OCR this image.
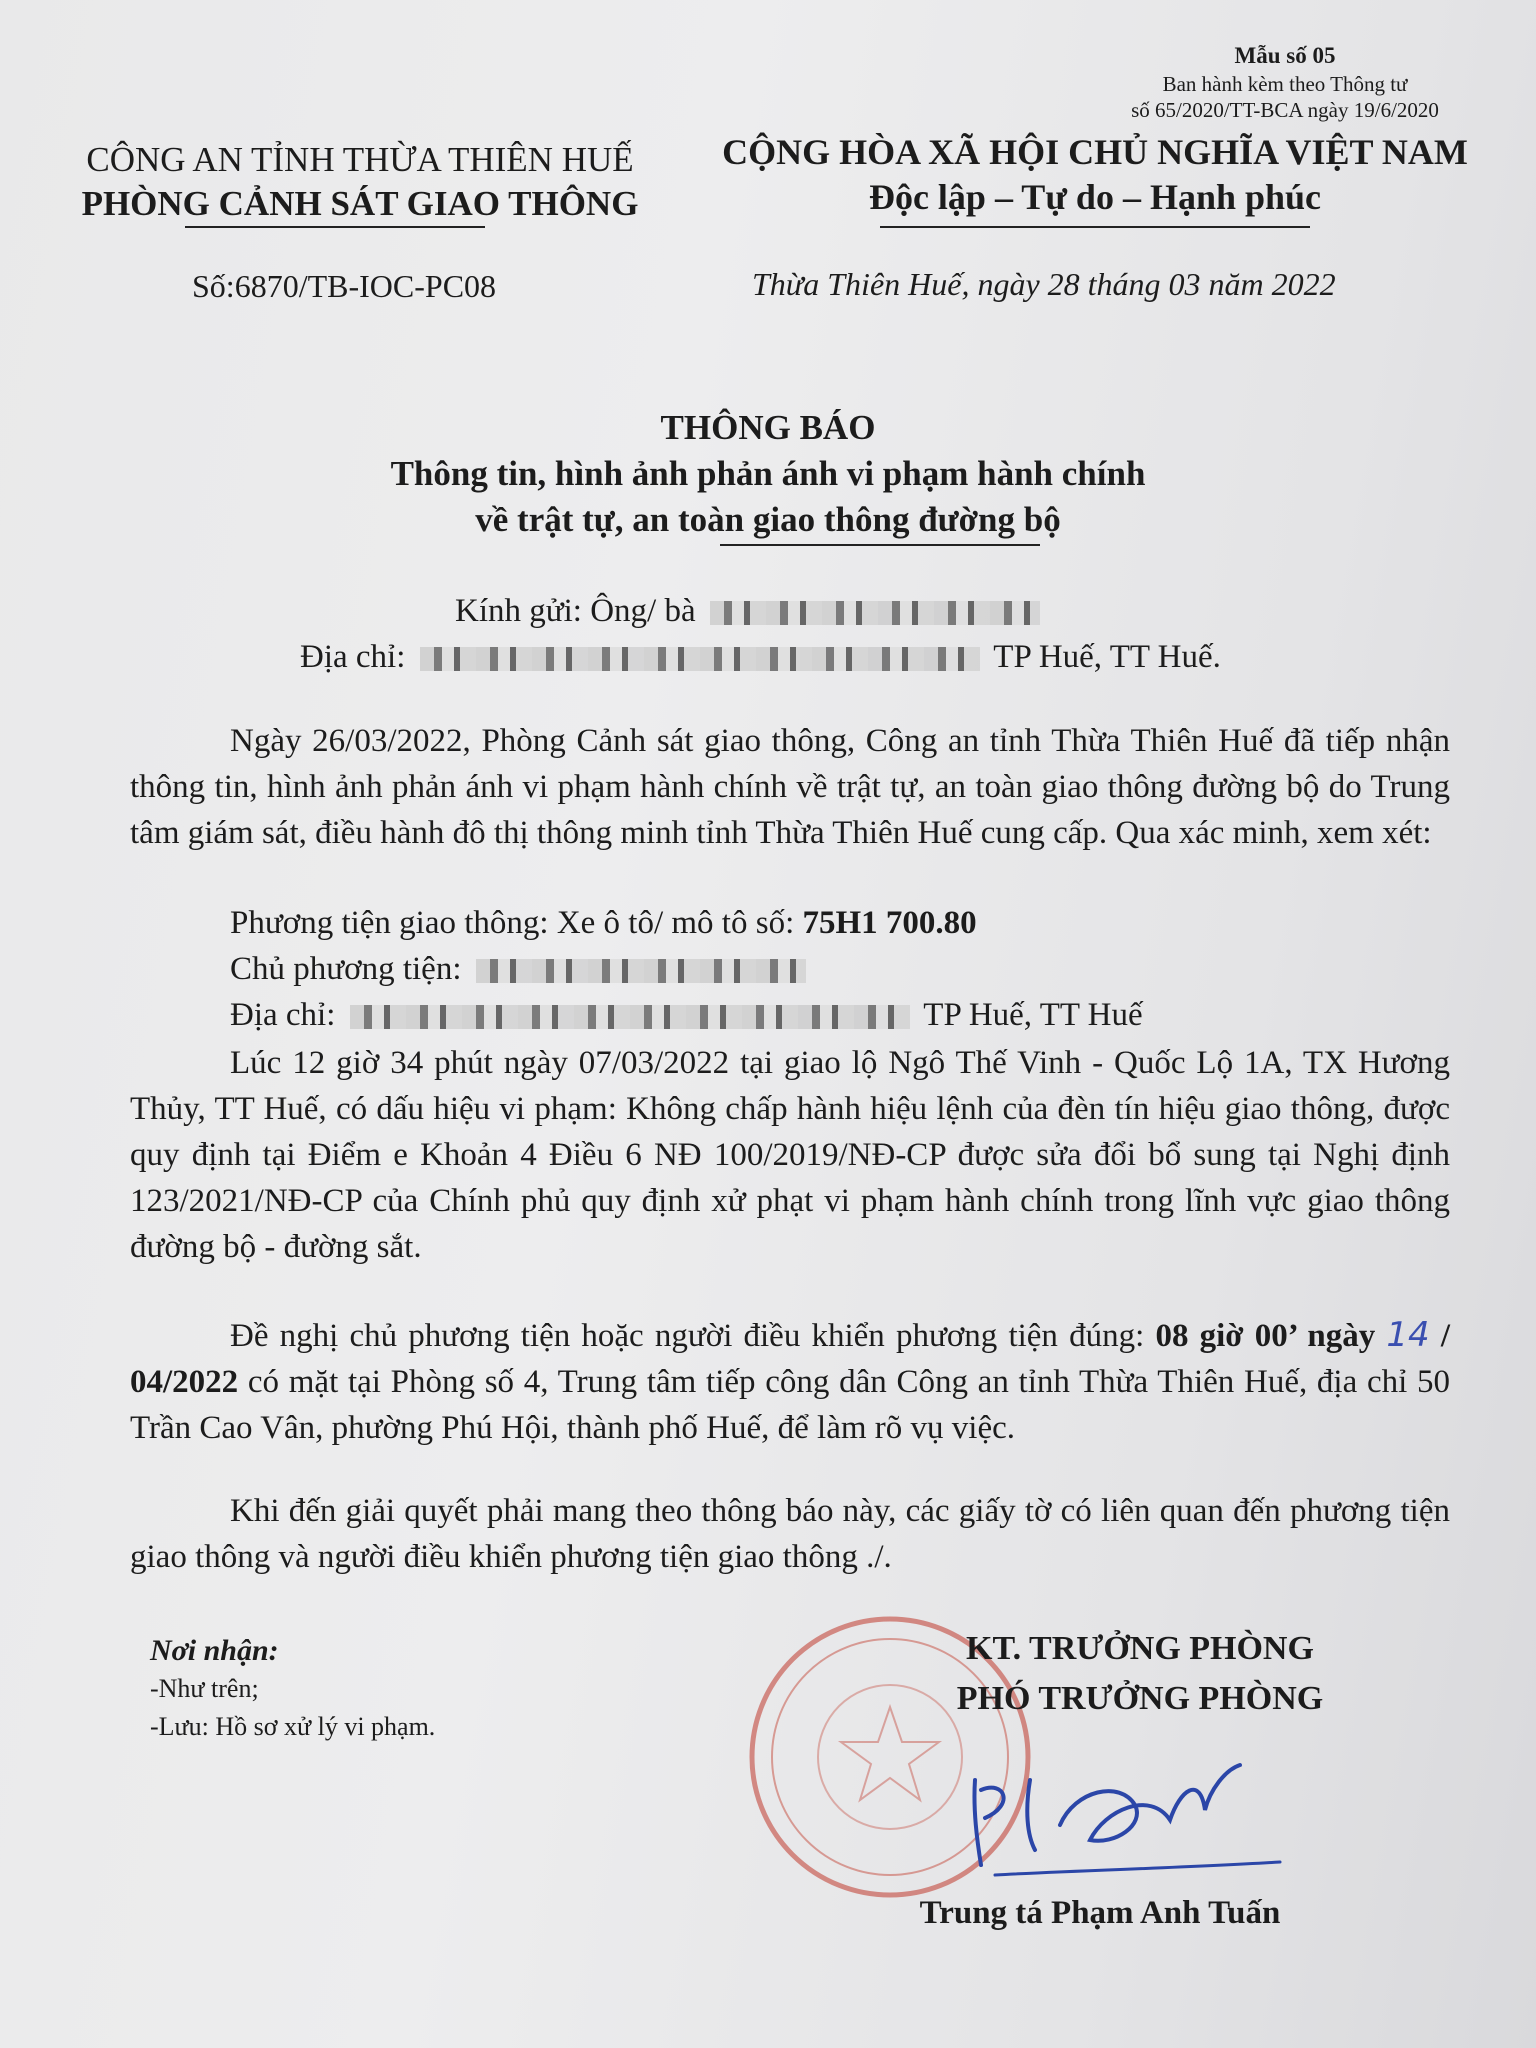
Mẫu số 05
Ban hành kèm theo Thông tư
số 65/2020/TT-BCA ngày 19/6/2020
CÔNG AN TỈNH THỪA THIÊN HUẾ
PHÒNG CẢNH SÁT GIAO THÔNG
CỘNG HÒA XÃ HỘI CHỦ NGHĨA VIỆT NAM
Độc lập – Tự do – Hạnh phúc
Số:6870/TB-IOC-PC08	Thừa Thiên Huế, ngày 28 tháng 03 năm 2022
THÔNG BÁO
Thông tin, hình ảnh phản ánh vi phạm hành chính
về trật tự, an toàn giao thông đường bộ
Kính gửi: Ông/ bà
Địa chỉ:	TP Huế, TT Huế.

Ngày 26/03/2022, Phòng Cảnh sát giao thông, Công an tỉnh Thừa Thiên Huế đã tiếp nhận thông tin, hình ảnh phản ánh vi phạm hành chính về trật tự, an toàn giao thông đường bộ do Trung tâm giám sát, điều hành đô thị thông minh tỉnh Thừa Thiên Huế cung cấp. Qua xác minh, xem xét:

Phương tiện giao thông: Xe ô tô/ mô tô số: 75H1 700.80
Chủ phương tiện:
Địa chỉ:	TP Huế, TT Huế

Lúc 12 giờ 34 phút ngày 07/03/2022 tại giao lộ Ngô Thế Vinh - Quốc Lộ 1A, TX Hương Thủy, TT Huế, có dấu hiệu vi phạm: Không chấp hành hiệu lệnh của đèn tín hiệu giao thông, được quy định tại Điểm e Khoản 4 Điều 6 NĐ 100/2019/NĐ-CP được sửa đổi bổ sung tại Nghị định 123/2021/NĐ-CP của Chính phủ quy định xử phạt vi phạm hành chính trong lĩnh vực giao thông đường bộ - đường sắt.

Đề nghị chủ phương tiện hoặc người điều khiển phương tiện đúng: 08 giờ 00’ ngày 14 / 04/2022 có mặt tại Phòng số 4, Trung tâm tiếp công dân Công an tỉnh Thừa Thiên Huế, địa chỉ 50 Trần Cao Vân, phường Phú Hội, thành phố Huế, để làm rõ vụ việc.

Khi đến giải quyết phải mang theo thông báo này, các giấy tờ có liên quan đến phương tiện giao thông và người điều khiển phương tiện giao thông ./.

Nơi nhận:
-Như trên;
-Lưu: Hồ sơ xử lý vi phạm.
KT. TRƯỞNG PHÒNG
PHÓ TRƯỞNG PHÒNG
Trung tá Phạm Anh Tuấn
